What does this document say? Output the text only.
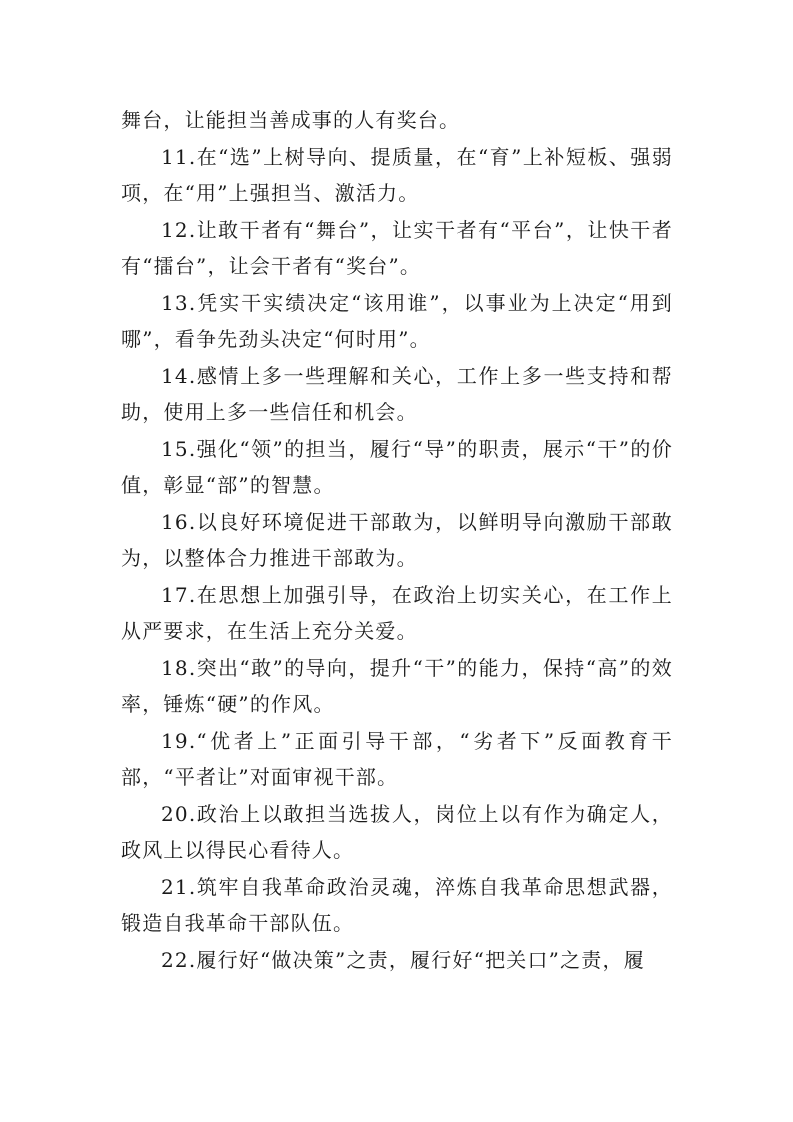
舞台，让能担当善成事的人有奖台。

11.在“选”上树导向、提质量，在“育”上补短板、强弱项，在“用”上强担当、激活力。

12.让敢干者有“舞台”，让实干者有“平台”，让快干者有“擂台”，让会干者有“奖台”。

13.凭实干实绩决定“该用谁”，以事业为上决定“用到哪”，看争先劲头决定“何时用”。

14.感情上多一些理解和关心，工作上多一些支持和帮助，使用上多一些信任和机会。

15.强化“领”的担当，履行“导”的职责，展示“干”的价值，彰显“部”的智慧。

16.以良好环境促进干部敢为，以鲜明导向激励干部敢为，以整体合力推进干部敢为。

17.在思想上加强引导，在政治上切实关心，在工作上从严要求，在生活上充分关爱。

18.突出“敢”的导向，提升“干”的能力，保持“高”的效率，锤炼“硬”的作风。

19.“优者上”正面引导干部，“劣者下”反面教育干部，“平者让”对面审视干部。

20.政治上以敢担当选拔人，岗位上以有作为确定人，政风上以得民心看待人。

21.筑牢自我革命政治灵魂，淬炼自我革命思想武器，锻造自我革命干部队伍。

22.履行好“做决策”之责，履行好“把关口”之责，履
